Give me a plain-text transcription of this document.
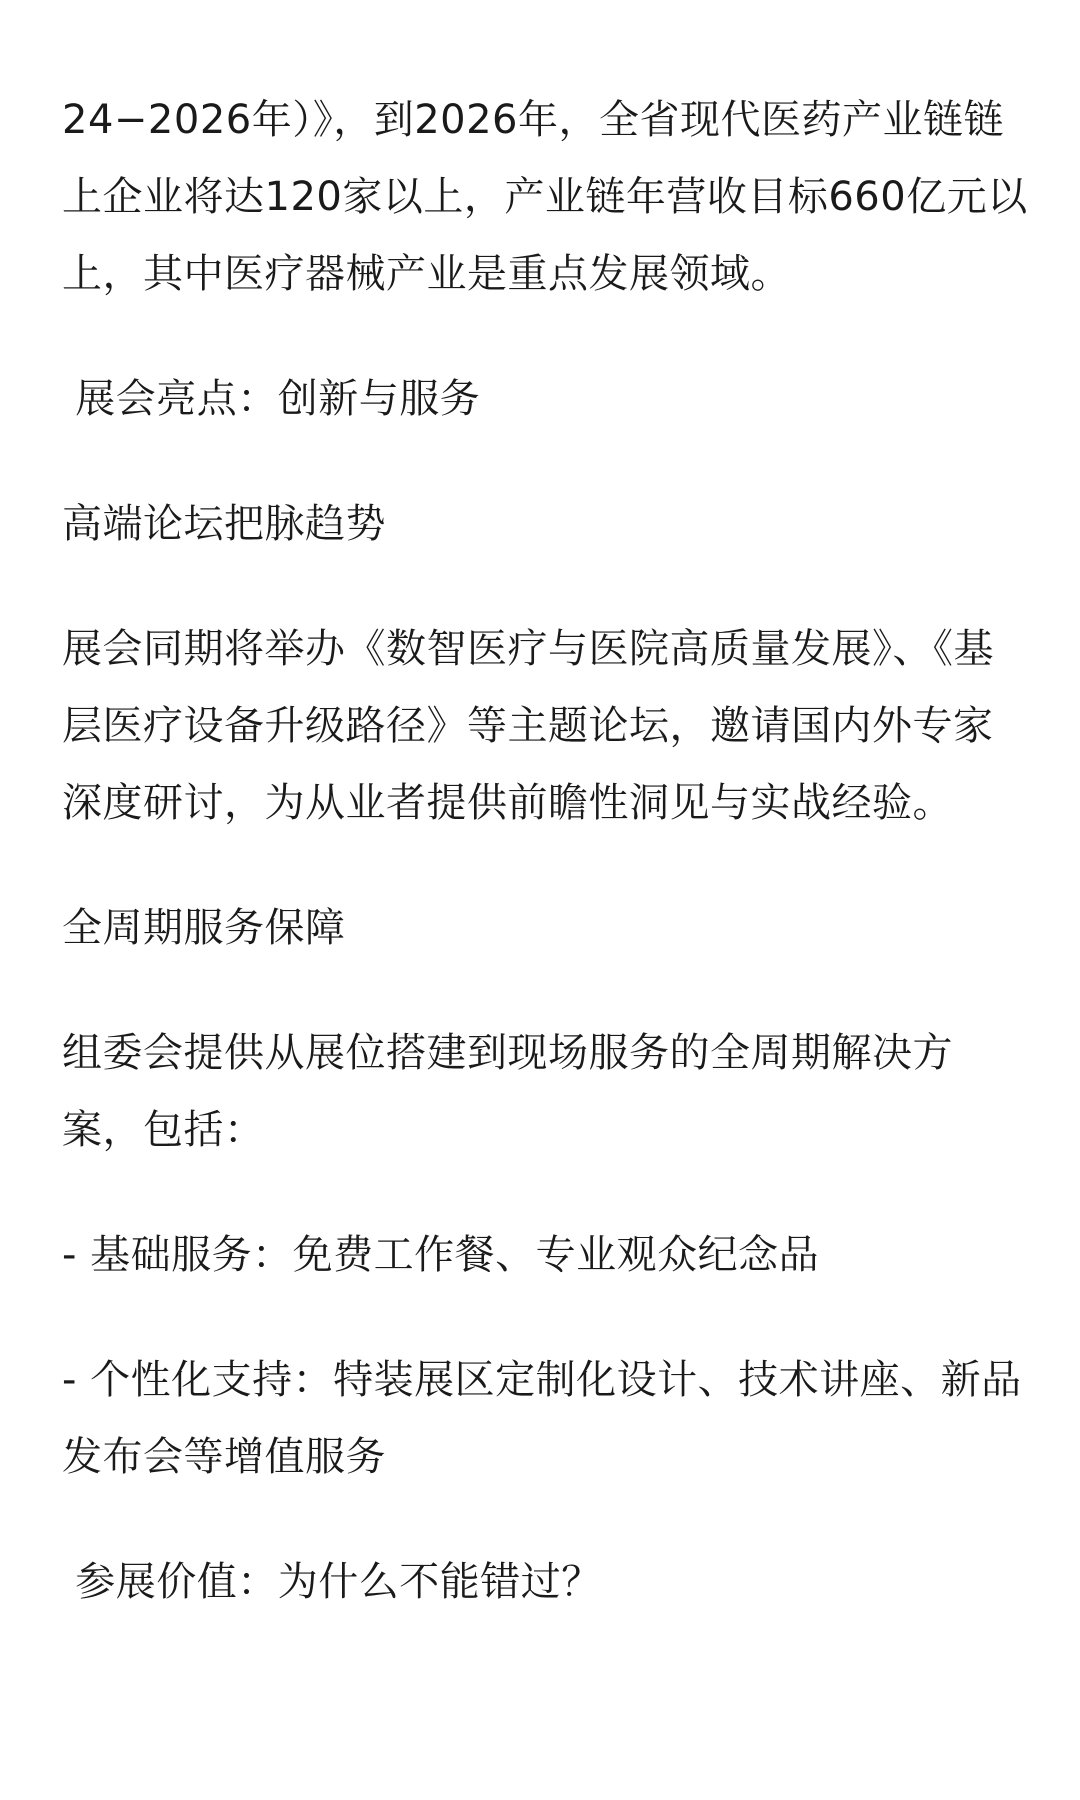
24−2026年）》，到2026年，全省现代医药产业链链上企业将达120家以上，产业链年营收目标660亿元以上，其中医疗器械产业是重点发展领域。

展会亮点：创新与服务

高端论坛把脉趋势

展会同期将举办《数智医疗与医院高质量发展》、《基层医疗设备升级路径》等主题论坛，邀请国内外专家深度研讨，为从业者提供前瞻性洞见与实战经验。

全周期服务保障

组委会提供从展位搭建到现场服务的全周期解决方案，包括：

- 基础服务：免费工作餐、专业观众纪念品

- 个性化支持：特装展区定制化设计、技术讲座、新品发布会等增值服务

参展价值：为什么不能错过？
